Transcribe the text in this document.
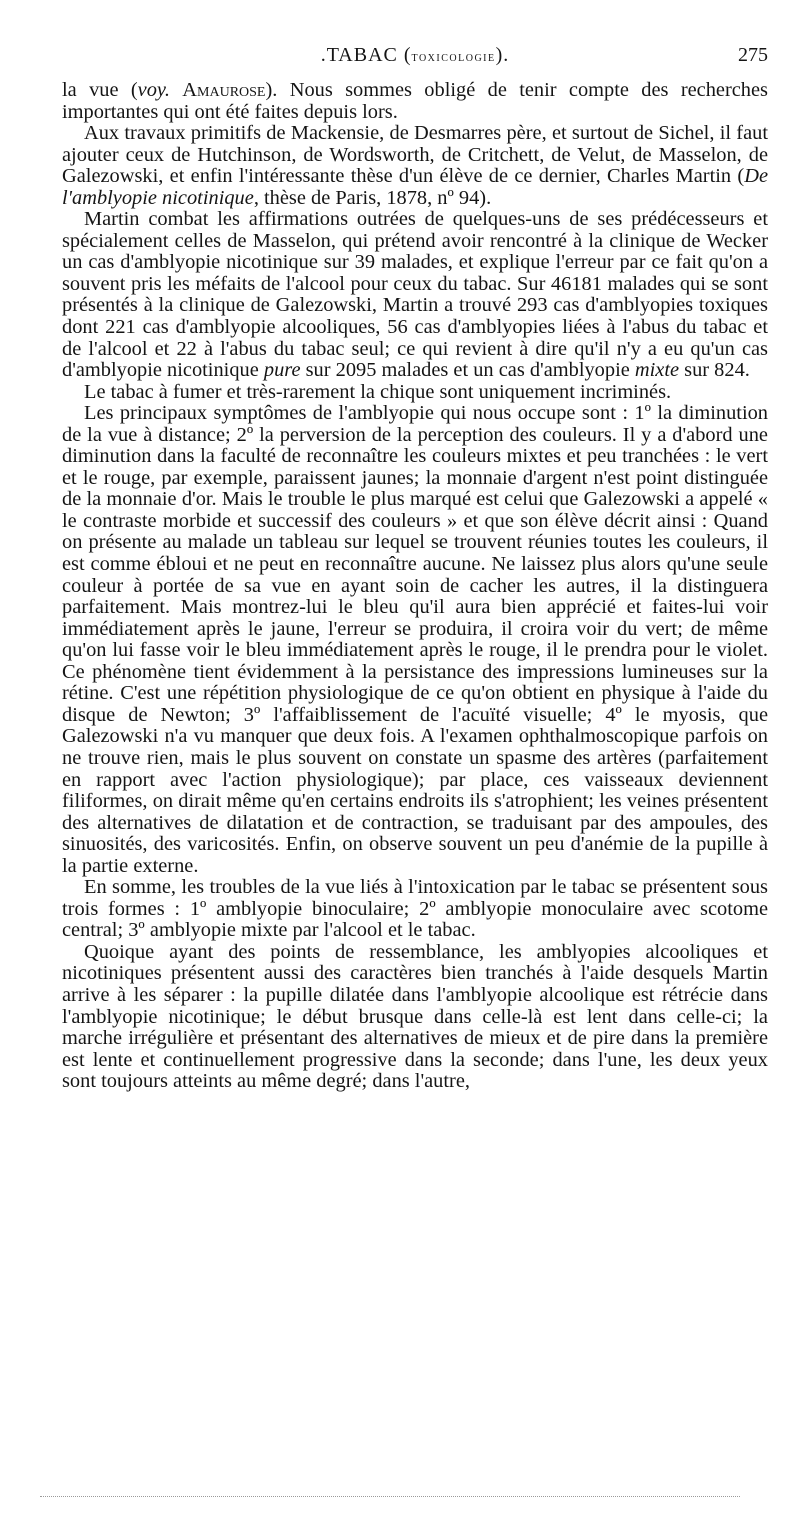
.TABAC (toxicologie).	275

la vue (voy. Amaurose). Nous sommes obligé de tenir compte des recherches importantes qui ont été faites depuis lors.

Aux travaux primitifs de Mackensie, de Desmarres père, et surtout de Sichel, il faut ajouter ceux de Hutchinson, de Wordsworth, de Critchett, de Velut, de Masselon, de Galezowski, et enfin l'intéressante thèse d'un élève de ce dernier, Charles Martin (De l'amblyopie nicotinique, thèse de Paris, 1878, nº 94).

Martin combat les affirmations outrées de quelques-uns de ses prédécesseurs et spécialement celles de Masselon, qui prétend avoir rencontré à la clinique de Wecker un cas d'amblyopie nicotinique sur 39 malades, et explique l'erreur par ce fait qu'on a souvent pris les méfaits de l'alcool pour ceux du tabac. Sur 46181 malades qui se sont présentés à la clinique de Galezowski, Martin a trouvé 293 cas d'amblyopies toxiques dont 221 cas d'amblyopie alcooliques, 56 cas d'amblyopies liées à l'abus du tabac et de l'alcool et 22 à l'abus du tabac seul; ce qui revient à dire qu'il n'y a eu qu'un cas d'amblyopie nicotinique pure sur 2095 malades et un cas d'amblyopie mixte sur 824.

Le tabac à fumer et très-rarement la chique sont uniquement incriminés.

Les principaux symptômes de l'amblyopie qui nous occupe sont : 1º la diminution de la vue à distance; 2º la perversion de la perception des couleurs. Il y a d'abord une diminution dans la faculté de reconnaître les couleurs mixtes et peu tranchées : le vert et le rouge, par exemple, paraissent jaunes; la monnaie d'argent n'est point distinguée de la monnaie d'or. Mais le trouble le plus marqué est celui que Galezowski a appelé « le contraste morbide et successif des couleurs » et que son élève décrit ainsi : Quand on présente au malade un tableau sur lequel se trouvent réunies toutes les couleurs, il est comme ébloui et ne peut en reconnaître aucune. Ne laissez plus alors qu'une seule couleur à portée de sa vue en ayant soin de cacher les autres, il la distinguera parfaitement. Mais montrez-lui le bleu qu'il aura bien apprécié et faites-lui voir immédiatement après le jaune, l'erreur se produira, il croira voir du vert; de même qu'on lui fasse voir le bleu immédiatement après le rouge, il le prendra pour le violet. Ce phénomène tient évidemment à la persistance des impressions lumineuses sur la rétine. C'est une répétition physiologique de ce qu'on obtient en physique à l'aide du disque de Newton; 3º l'affaiblissement de l'acuïté visuelle; 4º le myosis, que Galezowski n'a vu manquer que deux fois. A l'examen ophthalmoscopique parfois on ne trouve rien, mais le plus souvent on constate un spasme des artères (parfaitement en rapport avec l'action physiologique); par place, ces vaisseaux deviennent filiformes, on dirait même qu'en certains endroits ils s'atrophient; les veines présentent des alternatives de dilatation et de contraction, se traduisant par des ampoules, des sinuosités, des varicosités. Enfin, on observe souvent un peu d'anémie de la pupille à la partie externe.

En somme, les troubles de la vue liés à l'intoxication par le tabac se présentent sous trois formes : 1º amblyopie binoculaire; 2º amblyopie monoculaire avec scotome central; 3º amblyopie mixte par l'alcool et le tabac.

Quoique ayant des points de ressemblance, les amblyopies alcooliques et nicotiniques présentent aussi des caractères bien tranchés à l'aide desquels Martin arrive à les séparer : la pupille dilatée dans l'amblyopie alcoolique est rétrécie dans l'amblyopie nicotinique; le début brusque dans celle-là est lent dans celle-ci; la marche irrégulière et présentant des alternatives de mieux et de pire dans la première est lente et continuellement progressive dans la seconde; dans l'une, les deux yeux sont toujours atteints au même degré; dans l'autre,
